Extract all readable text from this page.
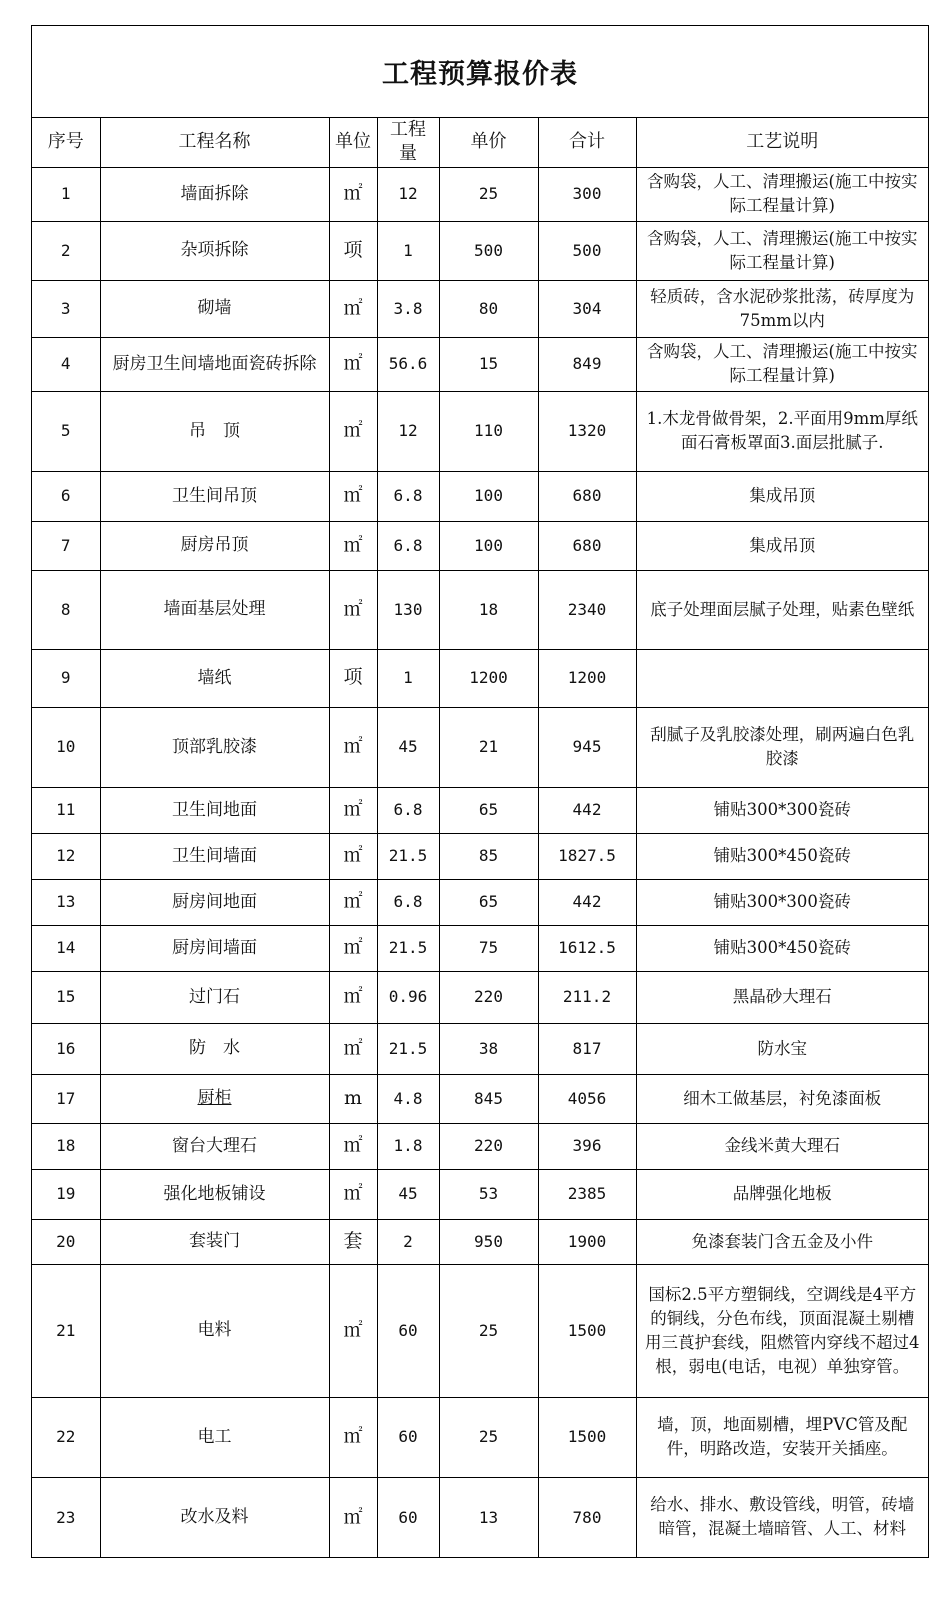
工程预算报价表
序号	工程名称	单位	工程量	单价	合计	工艺说明
1	墙面拆除	㎡	12	25	300	含购袋，人工、清理搬运(施工中按实际工程量计算)
2	杂项拆除	项	1	500	500	含购袋，人工、清理搬运(施工中按实际工程量计算)
3	砌墙	㎡	3.8	80	304	轻质砖，含水泥砂浆批荡，砖厚度为75mm以内
4	厨房卫生间墙地面瓷砖拆除	㎡	56.6	15	849	含购袋，人工、清理搬运(施工中按实际工程量计算)
5	吊　顶	㎡	12	110	1320	1.木龙骨做骨架，2.平面用9mm厚纸面石膏板罩面3.面层批腻子.
6	卫生间吊顶	㎡	6.8	100	680	集成吊顶
7	厨房吊顶	㎡	6.8	100	680	集成吊顶
8	墙面基层处理	㎡	130	18	2340	底子处理面层腻子处理，贴素色壁纸
9	墙纸	项	1	1200	1200	
10	顶部乳胶漆	㎡	45	21	945	刮腻子及乳胶漆处理，刷两遍白色乳胶漆
11	卫生间地面	㎡	6.8	65	442	铺贴300*300瓷砖
12	卫生间墙面	㎡	21.5	85	1827.5	铺贴300*450瓷砖
13	厨房间地面	㎡	6.8	65	442	铺贴300*300瓷砖
14	厨房间墙面	㎡	21.5	75	1612.5	铺贴300*450瓷砖
15	过门石	㎡	0.96	220	211.2	黑晶砂大理石
16	防　水	㎡	21.5	38	817	防水宝
17	厨柜	m	4.8	845	4056	细木工做基层，衬免漆面板
18	窗台大理石	㎡	1.8	220	396	金线米黄大理石
19	强化地板铺设	㎡	45	53	2385	品牌强化地板
20	套装门	套	2	950	1900	免漆套装门含五金及小件
21	电料	㎡	60	25	1500	国标2.5平方塑铜线，空调线是4平方的铜线，分色布线，顶面混凝土剔槽用三莨护套线，阻燃管内穿线不超过4根，弱电(电话，电视）单独穿管。
22	电工	㎡	60	25	1500	墙，顶，地面剔槽，埋PVC管及配件，明路改造，安装开关插座。
23	改水及料	㎡	60	13	780	给水、排水、敷设管线，明管，砖墙暗管，混凝土墙暗管、人工、材料
